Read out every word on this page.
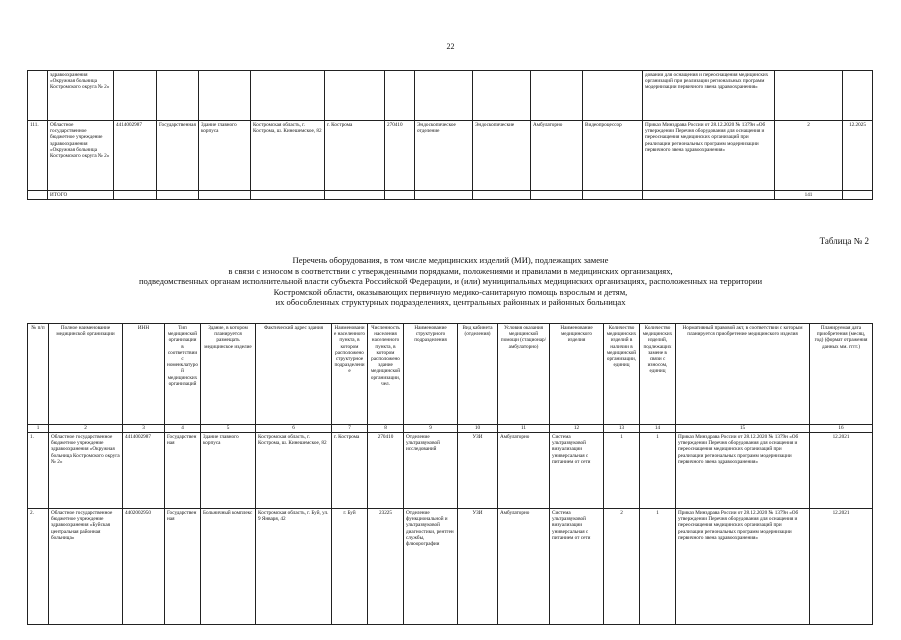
22
	здравоохранения «Окружная больница Костромского округа № 2»											довании для оснащения и переоснащения медицинских организаций при реализации региональных программ модернизации первичного звена здравоохранения»			
111.	Областное государственное бюджетное учреждение здравоохранения «Окружная больница Костромского округа № 2»	4414002987	Государственная	Здание главного корпуса	Костромская область, г. Кострома, ш. Кинешемское, 82	г. Кострома	270410	Эндоскопическое отделение	Эндоскопические	Амбулаторно	Видеопроцессор	Приказ Минздрава России от 28.12.2020 № 1379н «Об утверждении Перечня оборудования для оснащения и переоснащения медицинских организаций при реализации региональных программ модернизации первичного звена здравоохранения»		2	12.2025
	ИТОГО													141	
Таблица № 2
Перечень оборудования, в том числе медицинских изделий (МИ), подлежащих замене
в связи с износом в соответствии с утвержденными порядками, положениями и правилами в медицинских организациях,
подведомственных органам исполнительной власти субъекта Российской Федерации, и (или) муниципальных медицинских организациях, расположенных на территории
Костромской области, оказывающих первичную медико-санитарную помощь взрослым и детям,
их обособленных структурных подразделениях, центральных районных и районных больницах
№ п/п	Полное наименование медицинской организации	ИНН	Тип медицинской организации в соответствии с номенклатурой медицинских организаций	Здание, в котором планируется размещать медицинское изделие	Фактический адрес здания	Наименование населенного пункта, в котором расположено структурное подразделение	Численность населения населенного пункта, в котором расположено здание медицинской организации, чел.	Наименование структурного подразделения	Вид кабинета (отделения)	Условия оказания медицинской помощи (стационар/амбулаторно)	Наименование медицинского изделия	Количество медицинских изделий в наличии в медицинской организации, единиц	Количество медицинских изделий, подлежащих замене в связи с износом, единиц	Нормативный правовой акт, в соответствии с которым планируется приобретение медицинского изделия	Планируемая дата приобретения (месяц, год) (формат отражения данных мм. гггг.)
1	2	3	4	5	6	7	8	9	10	11	12	13	14	15	16
1.	Областное государственное бюджетное учреждение здравоохранения «Окружная больница Костромского округа № 2»	4414002987	Государственная	Здание главного корпуса	Костромская область, г. Кострома, ш. Кинешемское, 82	г. Кострома	270410	Отделение ультразвуковой исследований	УЗИ	Амбулаторно	Система ультразвуковой визуализации универсальная с питанием от сети	1	1	Приказ Минздрава России от 28.12.2020 № 1379н «Об утверждении Перечня оборудования для оснащения и переоснащения медицинских организаций при реализации региональных программ модернизации первичного звена здравоохранения»	12.2021
2.	Областное государственное бюджетное учреждение здравоохранения «Буйская центральная районная больница»	4402002950	Государственная	Больничный комплекс	Костромская область, г. Буй, ул. 9 Января, 42	г. Буй	23225	Отделение функциональной и ультразвуковой диагностики, рентген службы, флюорографии	УЗИ	Амбулаторно	Система ультразвуковой визуализации универсальная с питанием от сети	2	1	Приказ Минздрава России от 28.12.2020 № 1379н «Об утверждении Перечня оборудования для оснащения и переоснащения медицинских организаций при реализации региональных программ модернизации первичного звена здравоохранения»	12.2021
